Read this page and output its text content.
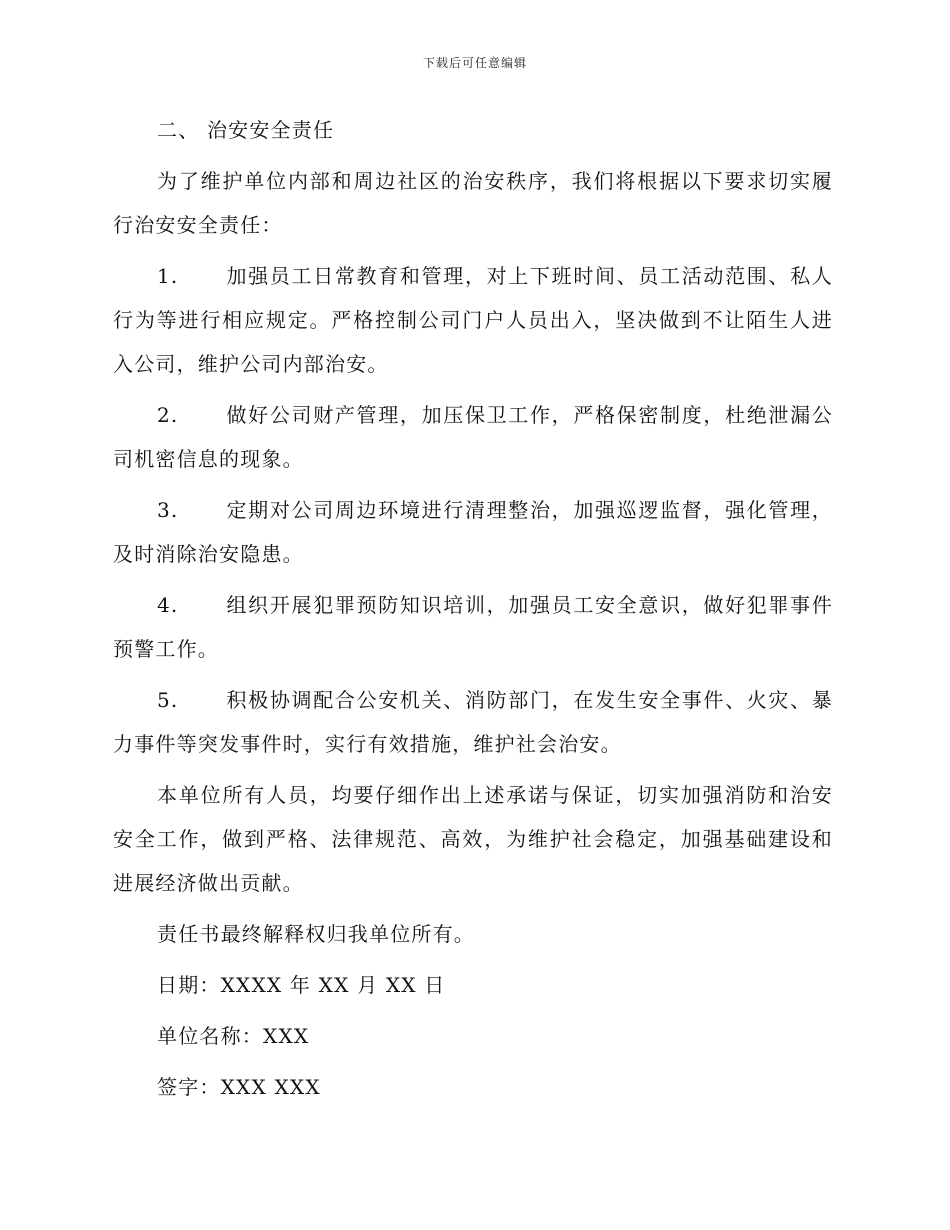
下载后可任意编辑

二、 治安安全责任

为了维护单位内部和周边社区的治安秩序，我们将根据以下要求切实履行治安安全责任：

1. 加强员工日常教育和管理，对上下班时间、员工活动范围、私人行为等进行相应规定。严格控制公司门户人员出入，坚决做到不让陌生人进入公司，维护公司内部治安。

2. 做好公司财产管理，加压保卫工作，严格保密制度，杜绝泄漏公司机密信息的现象。

3. 定期对公司周边环境进行清理整治，加强巡逻监督，强化管理，及时消除治安隐患。

4. 组织开展犯罪预防知识培训，加强员工安全意识，做好犯罪事件预警工作。

5. 积极协调配合公安机关、消防部门，在发生安全事件、火灾、暴力事件等突发事件时，实行有效措施，维护社会治安。

本单位所有人员，均要仔细作出上述承诺与保证，切实加强消防和治安安全工作，做到严格、法律规范、高效，为维护社会稳定，加强基础建设和进展经济做出贡献。

责任书最终解释权归我单位所有。

日期：XXXX 年 XX 月 XX 日

单位名称：XXX

签字：XXX XXX
